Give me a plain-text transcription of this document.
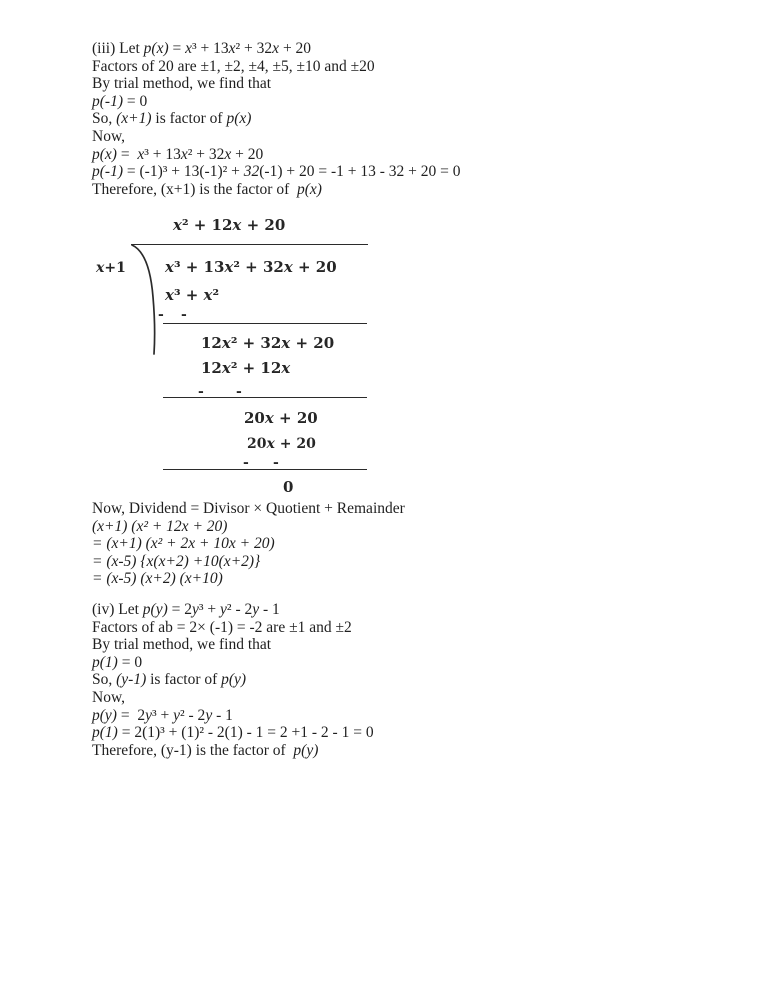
(iii) Let p(x) = x³ + 13x² + 32x + 20
Factors of 20 are ±1, ±2, ±4, ±5, ±10 and ±20
By trial method, we find that
p(-1) = 0
So, (x+1) is factor of p(x)
Now,
p(x) =  x³ + 13x² + 32x + 20
p(-1) = (-1)³ + 13(-1)² + 32(-1) + 20 = -1 + 13 - 32 + 20 = 0
Therefore, (x+1) is the factor of  p(x)
x² + 12x + 20
x+1	x³ + 13x² + 32x + 20
x³ + x²
- -
12x² + 32x + 20
12x² + 12x
- -
20x + 20
20x + 20
- -
0
Now, Dividend = Divisor × Quotient + Remainder
(x+1) (x² + 12x + 20)
= (x+1) (x² + 2x + 10x + 20)
= (x-5) {x(x+2) +10(x+2)}
= (x-5) (x+2) (x+10)
(iv) Let p(y) = 2y³ + y² - 2y - 1
Factors of ab = 2× (-1) = -2 are ±1 and ±2
By trial method, we find that
p(1) = 0
So, (y-1) is factor of p(y)
Now,
p(y) =  2y³ + y² - 2y - 1
p(1) = 2(1)³ + (1)² - 2(1) - 1 = 2 +1 - 2 - 1 = 0
Therefore, (y-1) is the factor of  p(y)
